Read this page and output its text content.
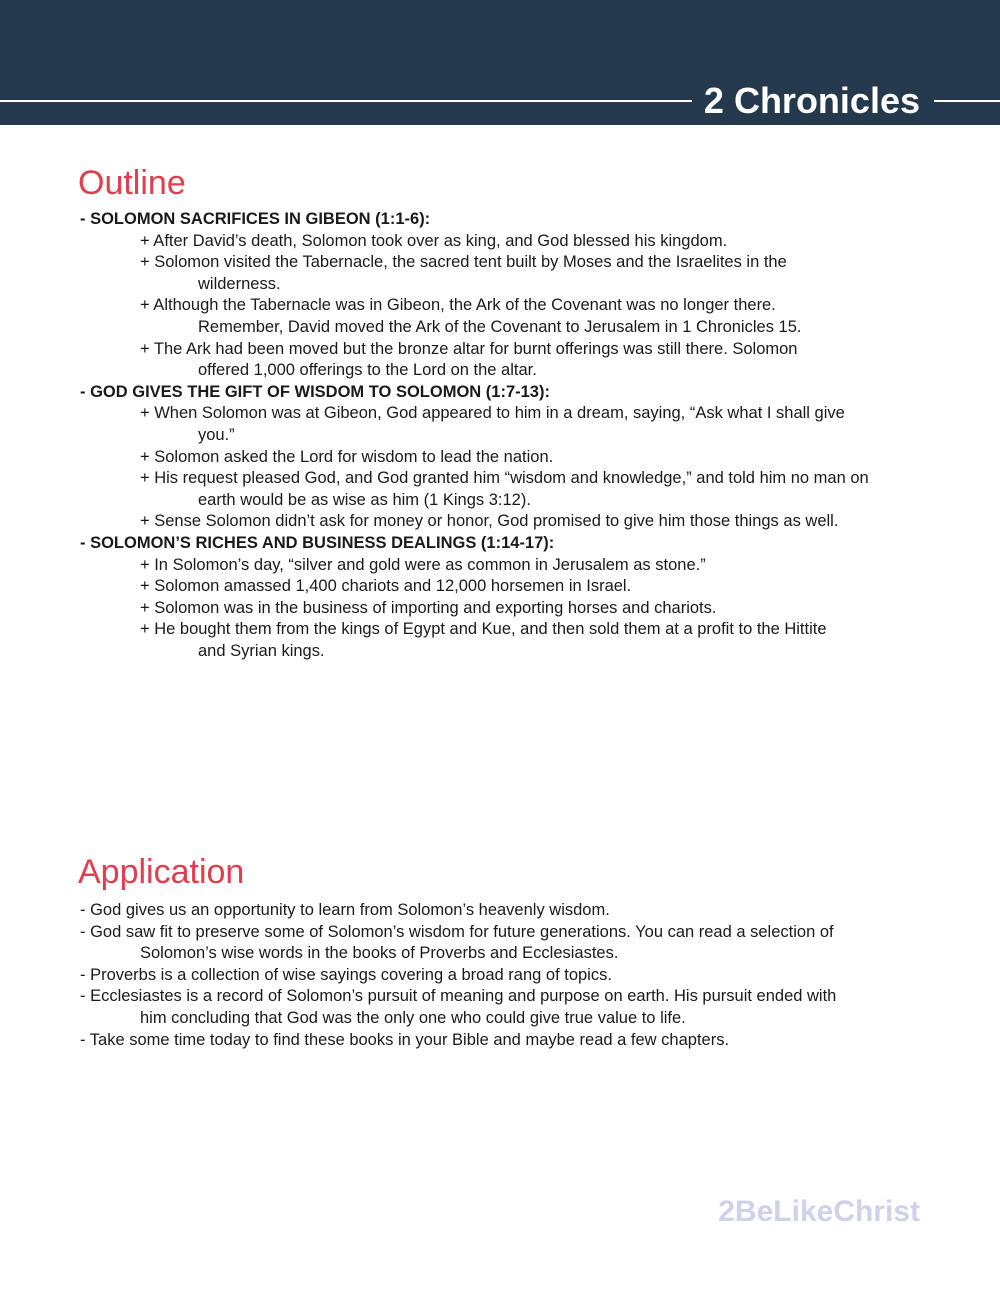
2 Chronicles
Outline
- SOLOMON SACRIFICES IN GIBEON (1:1-6):
+ After David’s death, Solomon took over as king, and God blessed his kingdom.
+ Solomon visited the Tabernacle, the sacred tent built by Moses and the Israelites in the
wilderness.
+ Although the Tabernacle was in Gibeon, the Ark of the Covenant was no longer there.
Remember, David moved the Ark of the Covenant to Jerusalem in 1 Chronicles 15.
+ The Ark had been moved but the bronze altar for burnt offerings was still there. Solomon
offered 1,000 offerings to the Lord on the altar.
- GOD GIVES THE GIFT OF WISDOM TO SOLOMON (1:7-13):
+ When Solomon was at Gibeon, God appeared to him in a dream, saying, “Ask what I shall give
you.”
+ Solomon asked the Lord for wisdom to lead the nation.
+ His request pleased God, and God granted him “wisdom and knowledge,” and told him no man on
earth would be as wise as him (1 Kings 3:12).
+ Sense Solomon didn’t ask for money or honor, God promised to give him those things as well.
- SOLOMON’S RICHES AND BUSINESS DEALINGS (1:14-17):
+ In Solomon’s day, “silver and gold were as common in Jerusalem as stone.”
+ Solomon amassed 1,400 chariots and 12,000 horsemen in Israel.
+ Solomon was in the business of importing and exporting horses and chariots.
+ He bought them from the kings of Egypt and Kue, and then sold them at a profit to the Hittite
and Syrian kings.
Application
- God gives us an opportunity to learn from Solomon’s heavenly wisdom.
- God saw fit to preserve some of Solomon’s wisdom for future generations. You can read a selection of
Solomon’s wise words in the books of Proverbs and Ecclesiastes.
- Proverbs is a collection of wise sayings covering a broad rang of topics.
- Ecclesiastes is a record of Solomon’s pursuit of meaning and purpose on earth. His pursuit ended with
him concluding that God was the only one who could give true value to life.
- Take some time today to find these books in your Bible and maybe read a few chapters.
2BeLikeChrist
